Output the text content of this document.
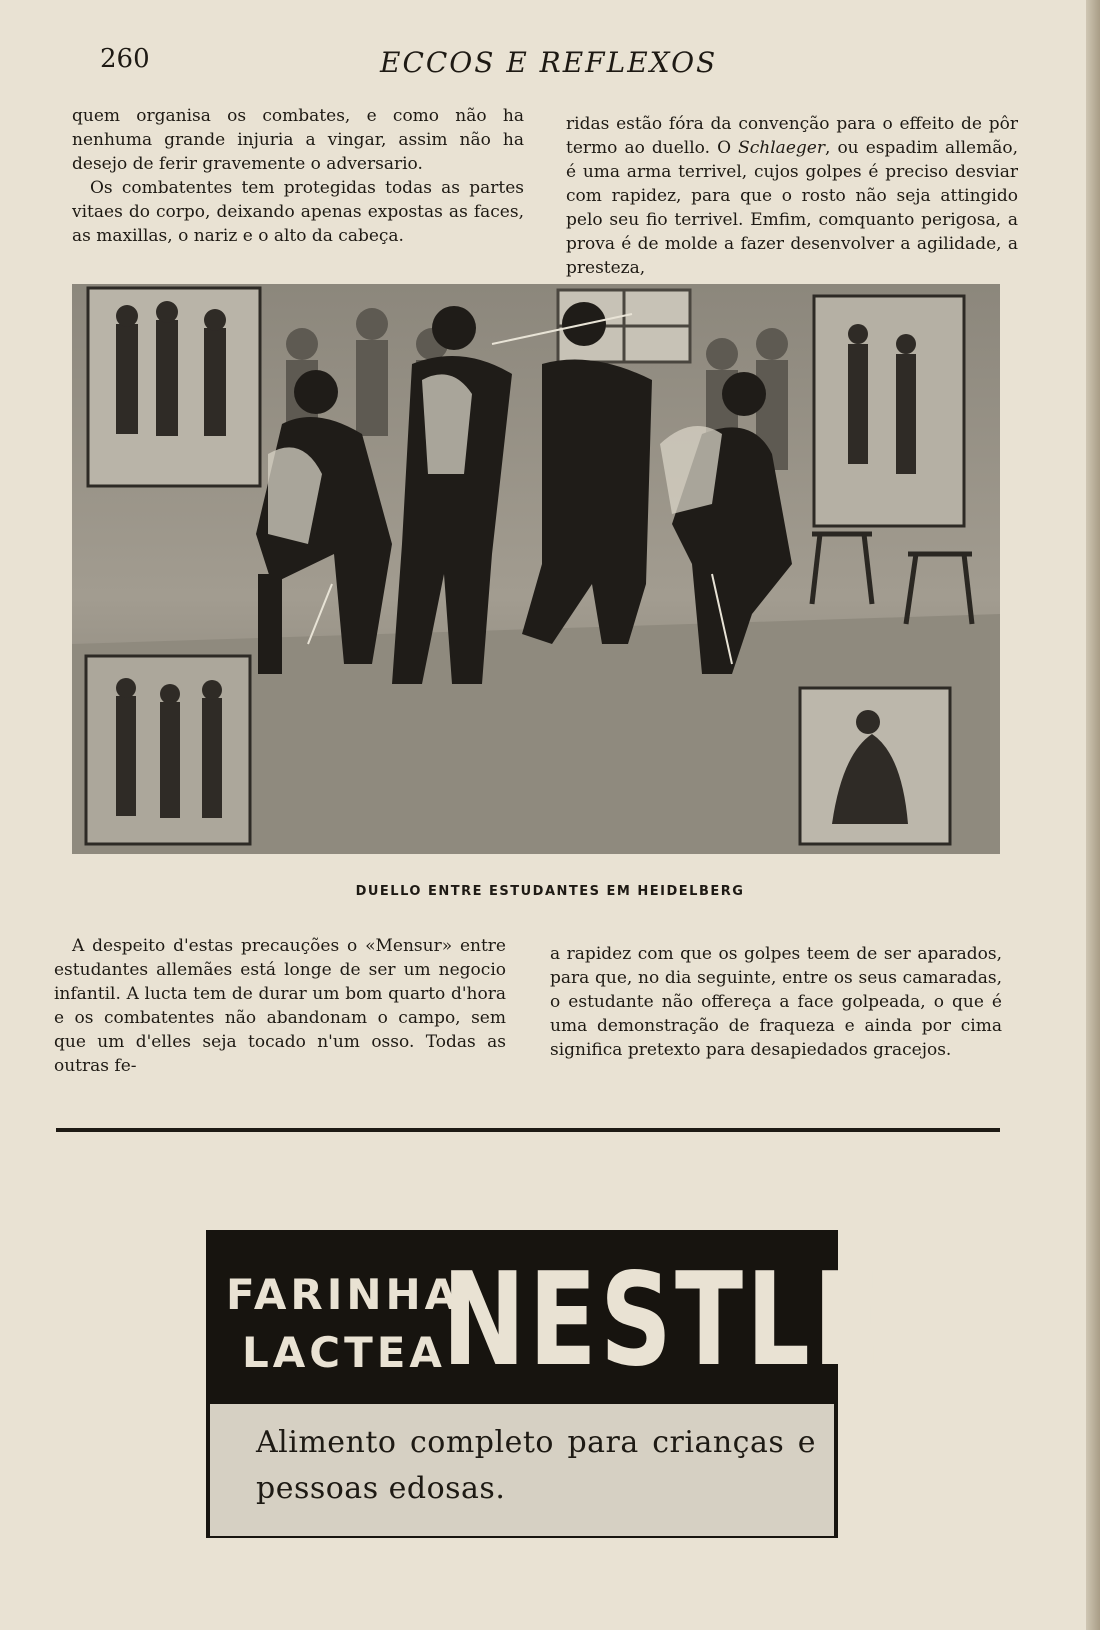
260	ECCOS E REFLEXOS

quem organisa os combates, e como não ha nenhuma grande injuria a vingar, assim não ha desejo de ferir gravemente o adversario.

Os combatentes tem protegidas todas as partes vitaes do corpo, deixando apenas expostas as faces, as maxillas, o nariz e o alto da cabeça.

ridas estão fóra da convenção para o effeito de pôr termo ao duello. O Schlaeger, ou espadim allemão, é uma arma terrivel, cujos golpes é preciso desviar com rapidez, para que o rosto não seja attingido pelo seu fio terrivel. Emfim, comquanto perigosa, a prova é de molde a fazer desenvolver a agilidade, a presteza,

DUELLO ENTRE ESTUDANTES EM HEIDELBERG

A despeito d'estas precauções o «Mensur» entre estudantes allemães está longe de ser um negocio infantil. A lucta tem de durar um bom quarto d'hora e os combatentes não abandonam o campo, sem que um d'elles seja tocado n'um osso. Todas as outras fe-

a rapidez com que os golpes teem de ser aparados, para que, no dia seguinte, entre os seus camaradas, o estudante não offereça a face golpeada, o que é uma demonstração de fraqueza e ainda por cima significa pretexto para desapiedados gracejos.

FARINHA
LACTEA
NESTLÉ
Alimento completo para crianças e pessoas edosas.
